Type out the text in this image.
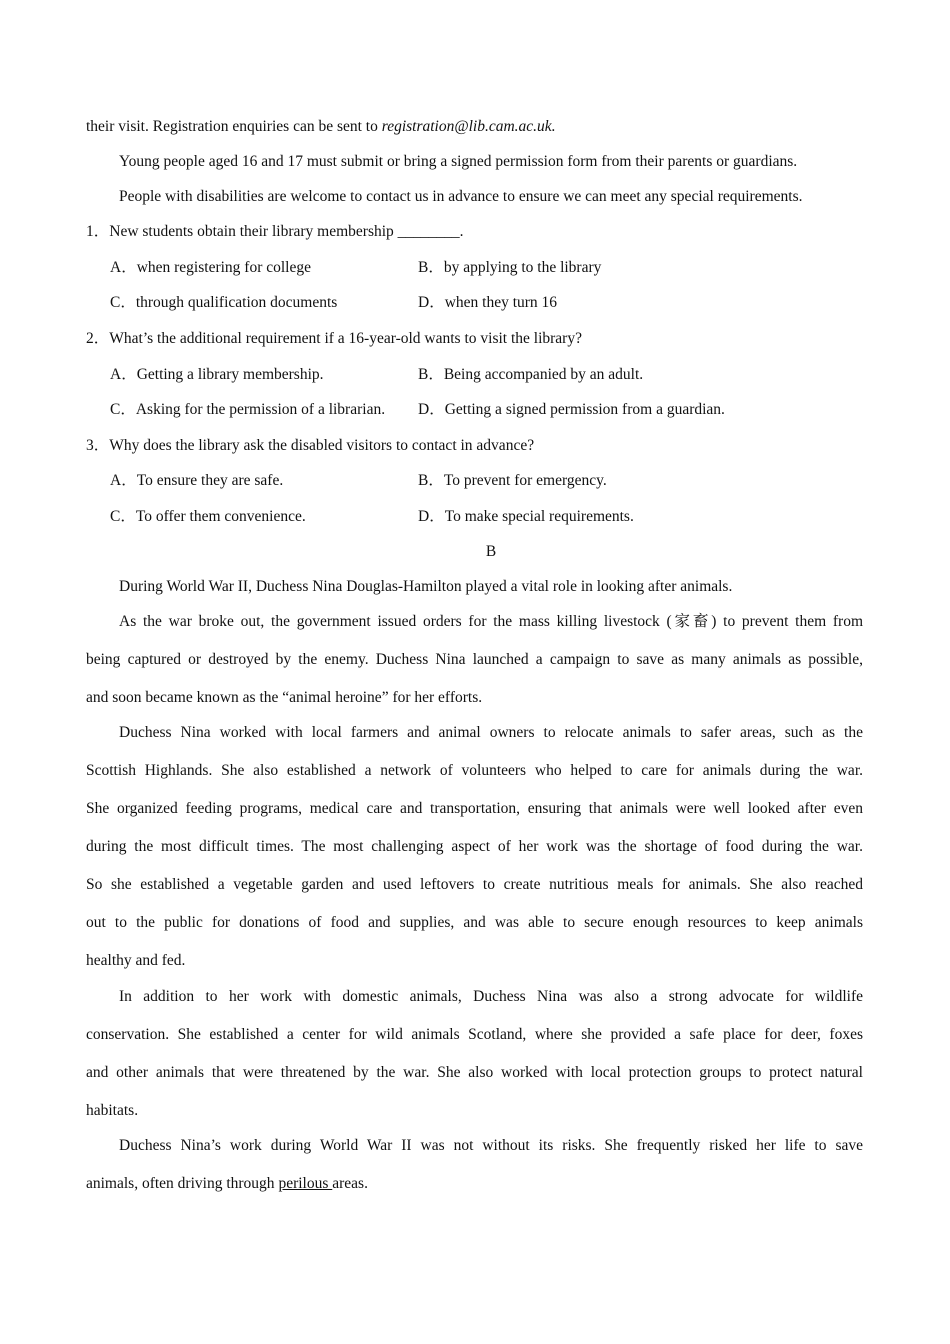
their visit. Registration enquiries can be sent to registration@lib.cam.ac.uk.
Young people aged 16 and 17 must submit or bring a signed permission form from their parents or guardians.
People with disabilities are welcome to contact us in advance to ensure we can meet any special requirements.
1．New students obtain their library membership ________.
A．when registering for college	B．by applying to the library
C．through qualification documents	D．when they turn 16
2．What’s the additional requirement if a 16-year-old wants to visit the library?
A．Getting a library membership.	B．Being accompanied by an adult.
C．Asking for the permission of a librarian. D．Getting a signed permission from a guardian.
3．Why does the library ask the disabled visitors to contact in advance?
A．To ensure they are safe.	B．To prevent for emergency.
C．To offer them convenience.	D．To make special requirements.
B
During World War II, Duchess Nina Douglas-Hamilton played a vital role in looking after animals.
As the war broke out, the government issued orders for the mass killing livestock (家畜) to prevent them from
being captured or destroyed by the enemy. Duchess Nina launched a campaign to save as many animals as possible,
and soon became known as the “animal heroine” for her efforts.
Duchess Nina worked with local farmers and animal owners to relocate animals to safer areas, such as the
Scottish Highlands. She also established a network of volunteers who helped to care for animals during the war.
She organized feeding programs, medical care and transportation, ensuring that animals were well looked after even
during the most difficult times. The most challenging aspect of her work was the shortage of food during the war.
So she established a vegetable garden and used leftovers to create nutritious meals for animals. She also reached
out to the public for donations of food and supplies, and was able to secure enough resources to keep animals
healthy and fed.
In addition to her work with domestic animals, Duchess Nina was also a strong advocate for wildlife
conservation. She established a center for wild animals Scotland, where she provided a safe place for deer, foxes
and other animals that were threatened by the war. She also worked with local protection groups to protect natural
habitats.
Duchess Nina’s work during World War II was not without its risks. She frequently risked her life to save
animals, often driving through perilous areas.
